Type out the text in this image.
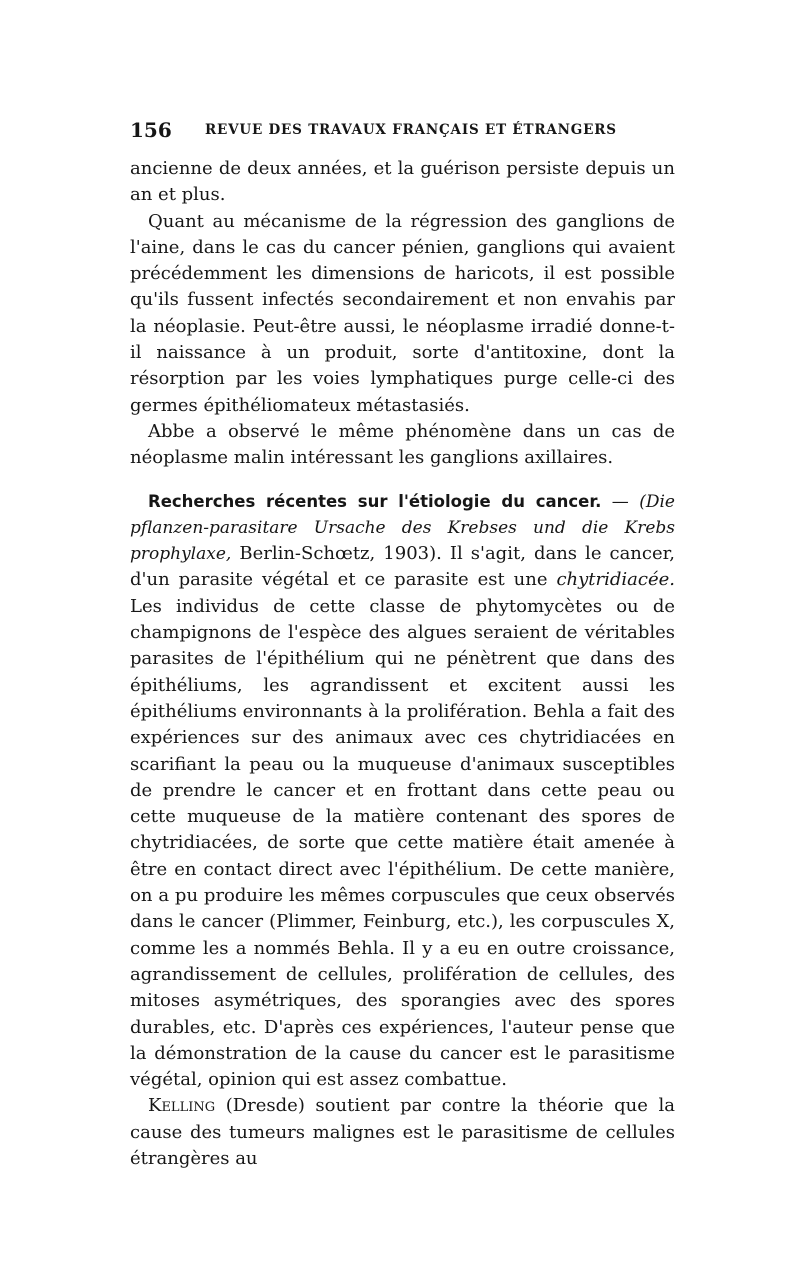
156 REVUE DES TRAVAUX FRANÇAIS ET ÉTRANGERS

ancienne de deux années, et la guérison persiste depuis un an et plus.

Quant au mécanisme de la régression des ganglions de l'aine, dans le cas du cancer pénien, ganglions qui avaient précédemment les dimensions de haricots, il est possible qu'ils fussent infectés secondairement et non envahis par la néoplasie. Peut-être aussi, le néoplasme irradié donne-t-il naissance à un produit, sorte d'antitoxine, dont la résorption par les voies lymphatiques purge celle-ci des germes épithéliomateux métastasiés.

Abbe a observé le même phénomène dans un cas de néoplasme malin intéressant les ganglions axillaires.

Recherches récentes sur l'étiologie du cancer. — (Die pflanzen-parasitare Ursache des Krebses und die Krebs prophylaxe, Berlin-Schœtz, 1903). Il s'agit, dans le cancer, d'un parasite végétal et ce parasite est une chytridiacée. Les individus de cette classe de phytomycètes ou de champignons de l'espèce des algues seraient de véritables parasites de l'épithélium qui ne pénètrent que dans des épithéliums, les agrandissent et excitent aussi les épithéliums environnants à la prolifération. Behla a fait des expériences sur des animaux avec ces chytridiacées en scarifiant la peau ou la muqueuse d'animaux susceptibles de prendre le cancer et en frottant dans cette peau ou cette muqueuse de la matière contenant des spores de chytridiacées, de sorte que cette matière était amenée à être en contact direct avec l'épithélium. De cette manière, on a pu produire les mêmes corpuscules que ceux observés dans le cancer (Plimmer, Feinburg, etc.), les corpuscules X, comme les a nommés Behla. Il y a eu en outre croissance, agrandissement de cellules, prolifération de cellules, des mitoses asymétriques, des sporangies avec des spores durables, etc. D'après ces expériences, l'auteur pense que la démonstration de la cause du cancer est le parasitisme végétal, opinion qui est assez combattue.

Kelling (Dresde) soutient par contre la théorie que la cause des tumeurs malignes est le parasitisme de cellules étrangères au
